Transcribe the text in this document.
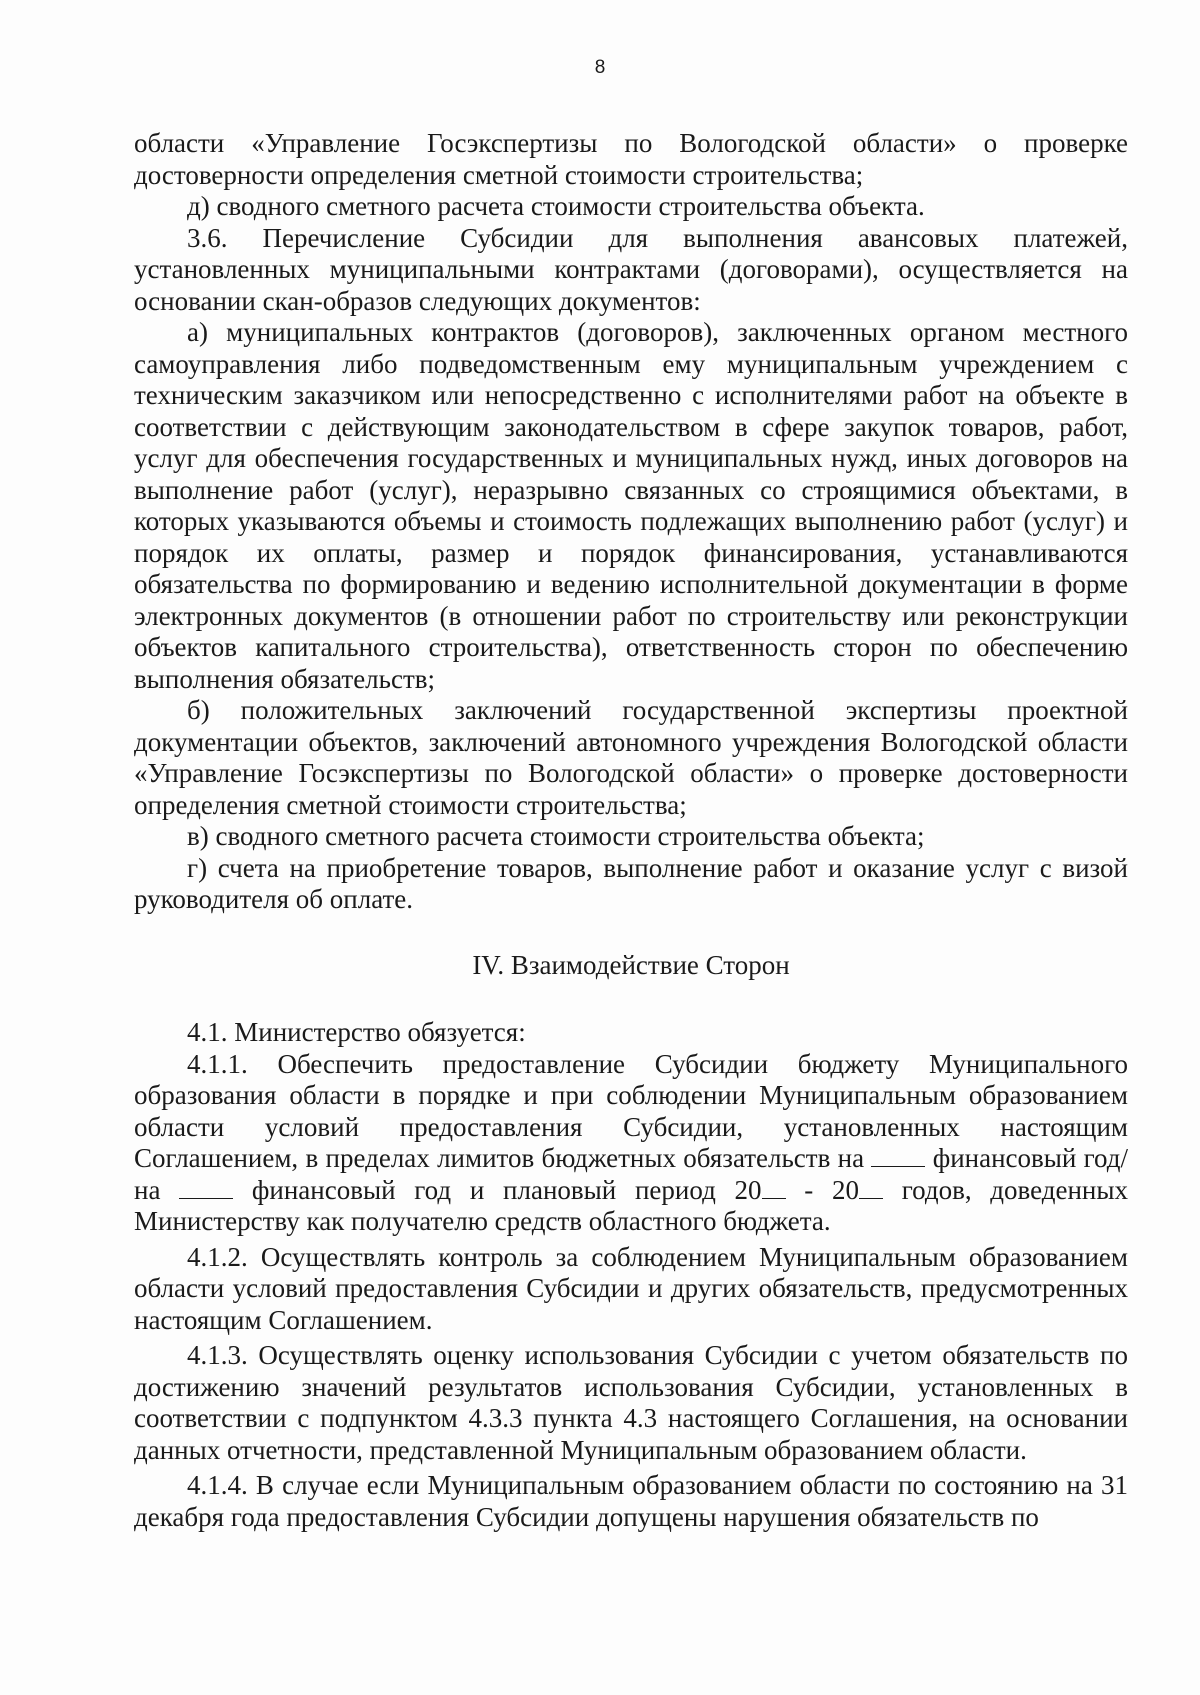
8

области «Управление Госэкспертизы по Вологодской области» о проверке достоверности определения сметной стоимости строительства;

д) сводного сметного расчета стоимости строительства объекта.

3.6. Перечисление Субсидии для выполнения авансовых платежей, установленных муниципальными контрактами (договорами), осуществляется на основании скан-образов следующих документов:

а) муниципальных контрактов (договоров), заключенных органом местного самоуправления либо подведомственным ему муниципальным учреждением с техническим заказчиком или непосредственно с исполнителями работ на объекте в соответствии с действующим законодательством в сфере закупок товаров, работ, услуг для обеспечения государственных и муниципальных нужд, иных договоров на выполнение работ (услуг), неразрывно связанных со строящимися объектами, в которых указываются объемы и стоимость подлежащих выполнению работ (услуг) и порядок их оплаты, размер и порядок финансирования, устанавливаются обязательства по формированию и ведению исполнительной документации в форме электронных документов (в отношении работ по строительству или реконструкции объектов капитального строительства), ответственность сторон по обеспечению выполнения обязательств;

б) положительных заключений государственной экспертизы проектной документации объектов, заключений автономного учреждения Вологодской области «Управление Госэкспертизы по Вологодской области» о проверке достоверности определения сметной стоимости строительства;

в) сводного сметного расчета стоимости строительства объекта;

г) счета на приобретение товаров, выполнение работ и оказание услуг с визой руководителя об оплате.

IV. Взаимодействие Сторон

4.1. Министерство обязуется:

4.1.1. Обеспечить предоставление Субсидии бюджету Муниципального образования области в порядке и при соблюдении Муниципальным образованием области условий предоставления Субсидии, установленных настоящим Соглашением, в пределах лимитов бюджетных обязательств на	финансовый год/на	финансовый год и плановый период 20 - 20 годов, доведенных Министерству как получателю средств областного бюджета.

4.1.2. Осуществлять контроль за соблюдением Муниципальным образованием области условий предоставления Субсидии и других обязательств, предусмотренных настоящим Соглашением.

4.1.3. Осуществлять оценку использования Субсидии с учетом обязательств по достижению значений результатов использования Субсидии, установленных в соответствии с подпунктом 4.3.3 пункта 4.3 настоящего Соглашения, на основании данных отчетности, представленной Муниципальным образованием области.

4.1.4. В случае если Муниципальным образованием области по состоянию на 31 декабря года предоставления Субсидии допущены нарушения обязательств по
